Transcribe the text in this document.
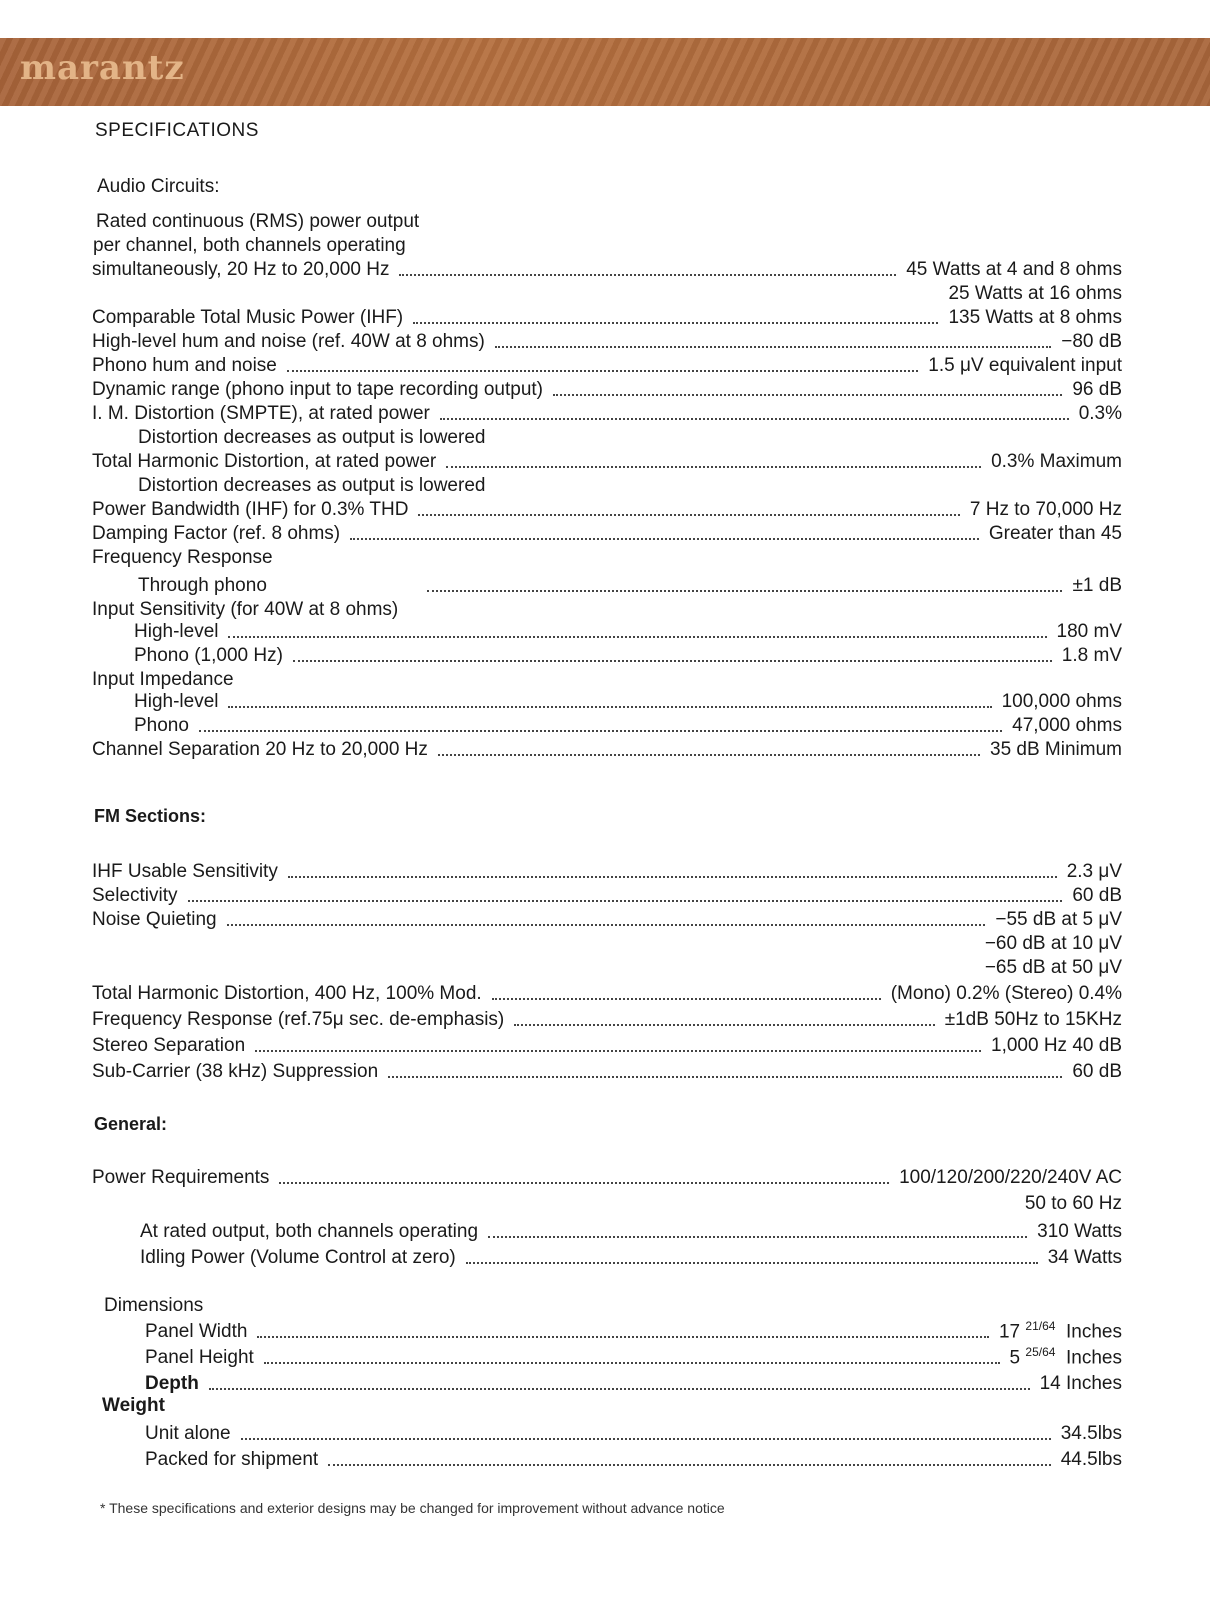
marantz
SPECIFICATIONS
Audio Circuits:
Rated continuous (RMS) power output
per channel, both channels operating
simultaneously, 20 Hz to 20,000 Hz	45 Watts at 4 and 8 ohms
25 Watts at 16 ohms
Comparable Total Music Power (IHF)	135 Watts at 8 ohms
High-level hum and noise (ref. 40W at 8 ohms)	−80 dB
Phono hum and noise	1.5 μV equivalent input
Dynamic range (phono input to tape recording output)	96 dB
I. M. Distortion (SMPTE), at rated power	0.3%
Distortion decreases as output is lowered
Total Harmonic Distortion, at rated power	0.3% Maximum
Distortion decreases as output is lowered
Power Bandwidth (IHF) for 0.3% THD	7 Hz to 70,000 Hz
Damping Factor (ref. 8 ohms)	Greater than 45
Frequency Response
Through phono	±1 dB
Input Sensitivity (for 40W at 8 ohms)
High-level	180 mV
Phono (1,000 Hz)	1.8 mV
Input Impedance
High-level	100,000 ohms
Phono	47,000 ohms
Channel Separation 20 Hz to 20,000 Hz	35 dB Minimum
FM Sections:
IHF Usable Sensitivity	2.3 μV
Selectivity	60 dB
Noise Quieting	−55 dB at 5 μV
−60 dB at 10 μV
−65 dB at 50 μV
Total Harmonic Distortion, 400 Hz, 100% Mod.	(Mono) 0.2% (Stereo) 0.4%
Frequency Response (ref.75μ sec. de-emphasis)	±1dB 50Hz to 15KHz
Stereo Separation	1,000 Hz 40 dB
Sub-Carrier (38 kHz) Suppression	60 dB
General:
Power Requirements	100/120/200/220/240V AC
50 to 60 Hz
At rated output, both channels operating	310 Watts
Idling Power (Volume Control at zero)	34 Watts
Dimensions
Panel Width	17 $^{21/64}$ Inches
Panel Height	5 $^{25/64}$ Inches
Depth	14 Inches
Weight
Unit alone	34.5lbs
Packed for shipment	44.5lbs
* These specifications and exterior designs may be changed for improvement without advance notice
